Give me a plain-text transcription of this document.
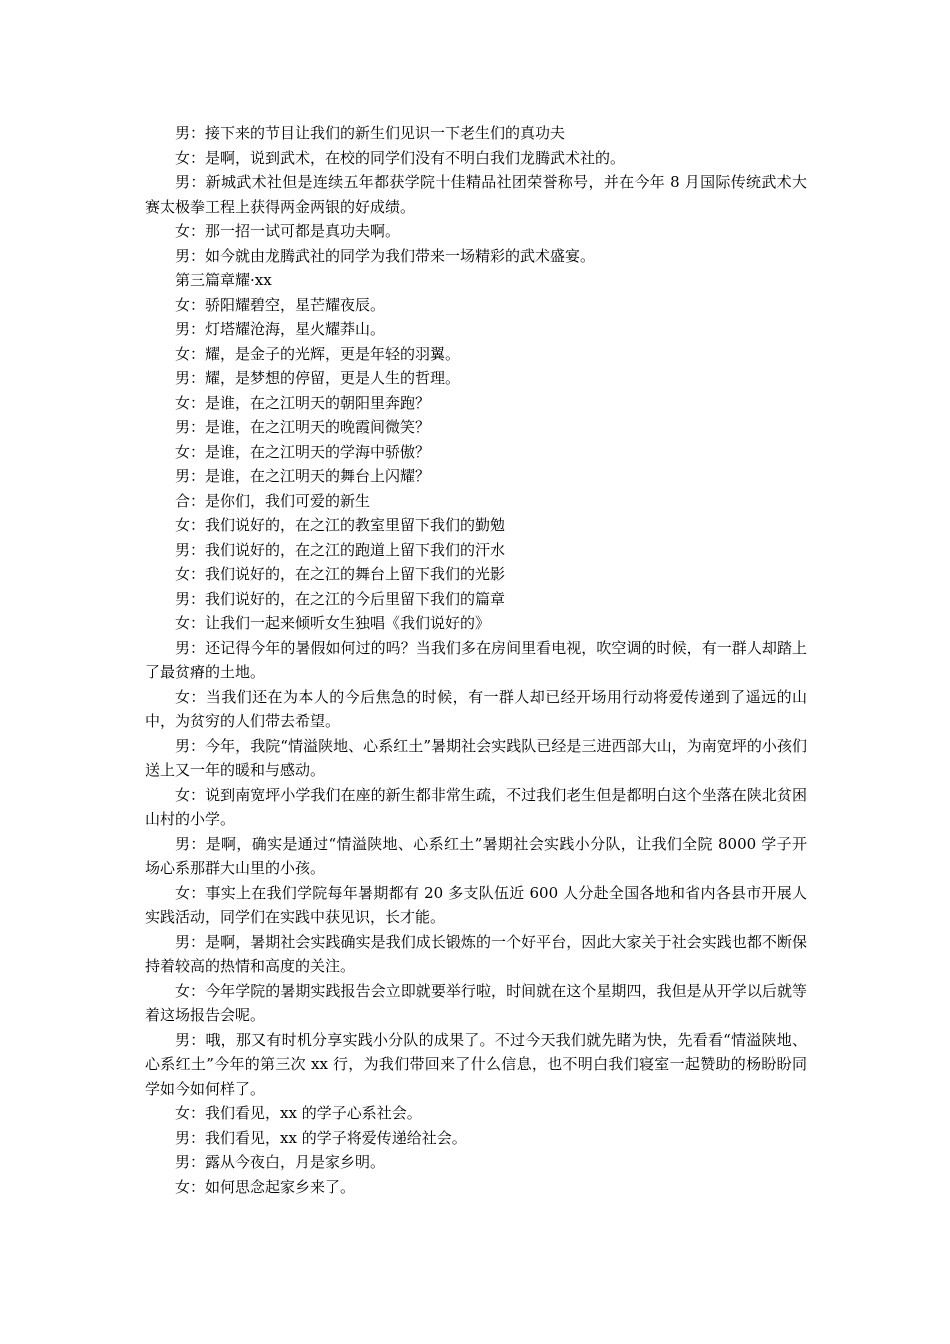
男：接下来的节目让我们的新生们见识一下老生们的真功夫

女：是啊，说到武术，在校的同学们没有不明白我们龙腾武术社的。

男：新城武术社但是连续五年都获学院十佳精品社团荣誉称号，并在今年 8 月国际传统武术大赛太极拳工程上获得两金两银的好成绩。

女：那一招一试可都是真功夫啊。

男：如今就由龙腾武社的同学为我们带来一场精彩的武术盛宴。

第三篇章耀·xx

女：骄阳耀碧空，星芒耀夜辰。

男：灯塔耀沧海，星火耀莽山。

女：耀，是金子的光辉，更是年轻的羽翼。

男：耀，是梦想的停留，更是人生的哲理。

女：是谁，在之江明天的朝阳里奔跑？

男：是谁，在之江明天的晚霞间微笑？

女：是谁，在之江明天的学海中骄傲？

男：是谁，在之江明天的舞台上闪耀？

合：是你们，我们可爱的新生

女：我们说好的，在之江的教室里留下我们的勤勉

男：我们说好的，在之江的跑道上留下我们的汗水

女：我们说好的，在之江的舞台上留下我们的光影

男：我们说好的，在之江的今后里留下我们的篇章

女：让我们一起来倾听女生独唱《我们说好的》

男：还记得今年的暑假如何过的吗？当我们多在房间里看电视，吹空调的时候，有一群人却踏上了最贫瘠的土地。

女：当我们还在为本人的今后焦急的时候，有一群人却已经开场用行动将爱传递到了遥远的山中，为贫穷的人们带去希望。

男：今年，我院“情溢陕地、心系红土”暑期社会实践队已经是三进西部大山，为南宽坪的小孩们送上又一年的暖和与感动。

女：说到南宽坪小学我们在座的新生都非常生疏，不过我们老生但是都明白这个坐落在陕北贫困山村的小学。

男：是啊，确实是通过“情溢陕地、心系红土”暑期社会实践小分队，让我们全院 8000 学子开场心系那群大山里的小孩。

女：事实上在我们学院每年暑期都有 20 多支队伍近 600 人分赴全国各地和省内各县市开展人实践活动，同学们在实践中获见识，长才能。

男：是啊，暑期社会实践确实是我们成长锻炼的一个好平台，因此大家关于社会实践也都不断保持着较高的热情和高度的关注。

女：今年学院的暑期实践报告会立即就要举行啦，时间就在这个星期四，我但是从开学以后就等着这场报告会呢。

男：哦，那又有时机分享实践小分队的成果了。不过今天我们就先睹为快，先看看“情溢陕地、心系红土”今年的第三次 xx 行，为我们带回来了什么信息，也不明白我们寝室一起赞助的杨盼盼同学如今如何样了。

女：我们看见，xx 的学子心系社会。

男：我们看见，xx 的学子将爱传递给社会。

男：露从今夜白，月是家乡明。

女：如何思念起家乡来了。
